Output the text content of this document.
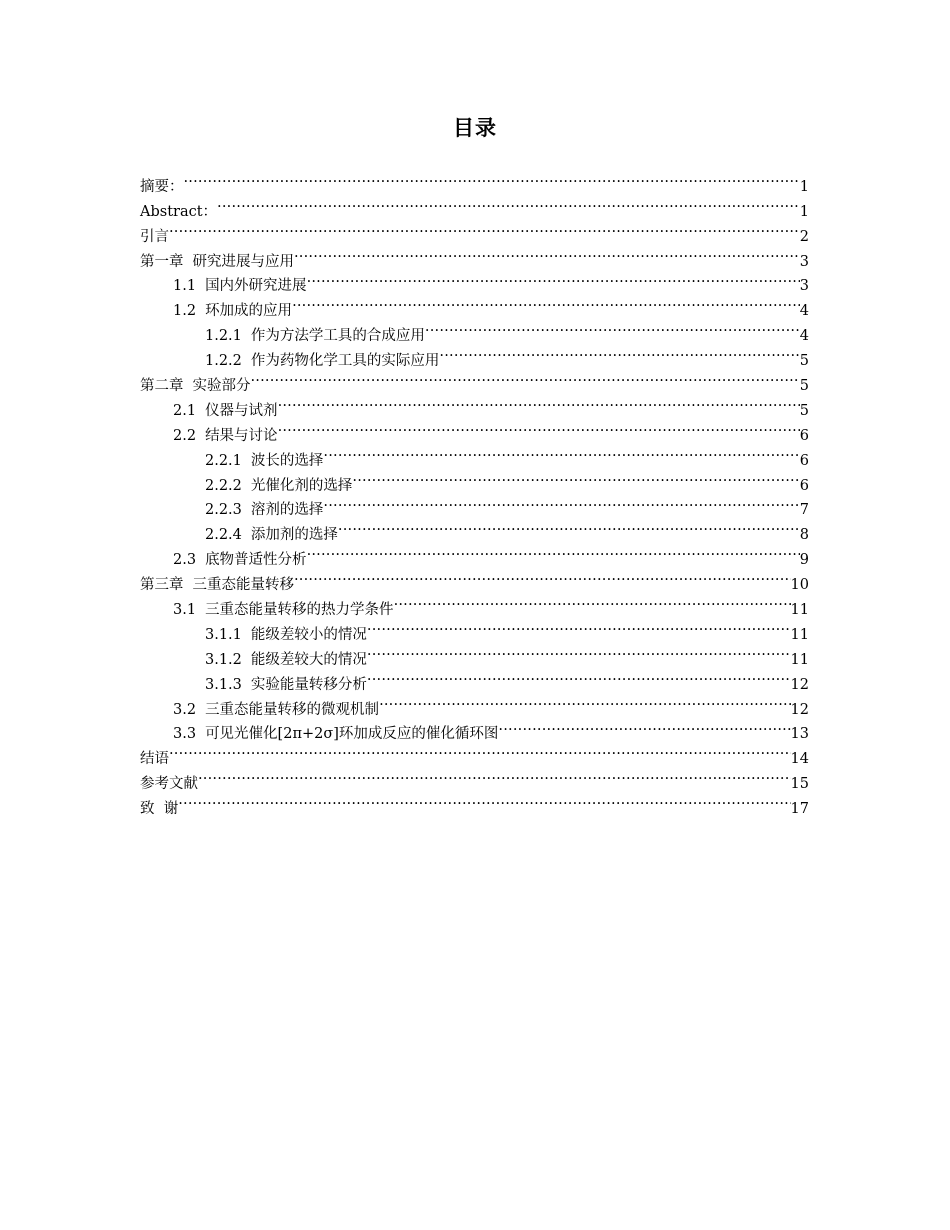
目录
摘要： .....	1
Abstract： .....	1
引言 .....	2
第一章 研究进展与应用 .....	3
1.1 国内外研究进展 .....	3
1.2 环加成的应用 .....	4
1.2.1 作为方法学工具的合成应用 .....	4
1.2.2 作为药物化学工具的实际应用 .....	5
第二章 实验部分 .....	5
2.1 仪器与试剂 .....	5
2.2 结果与讨论 .....	6
2.2.1 波长的选择 .....	6
2.2.2 光催化剂的选择 .....	6
2.2.3 溶剂的选择 .....	7
2.2.4 添加剂的选择 .....	8
2.3 底物普适性分析 .....	9
第三章 三重态能量转移 .....	10
3.1 三重态能量转移的热力学条件 .....	11
3.1.1 能级差较小的情况 .....	11
3.1.2 能级差较大的情况 .....	11
3.1.3 实验能量转移分析 .....	12
3.2 三重态能量转移的微观机制 .....	12
3.3 可见光催化[2π+2σ]环加成反应的催化循环图 .....	13
结语 .....	14
参考文献 .....	15
致  谢 .....	17
